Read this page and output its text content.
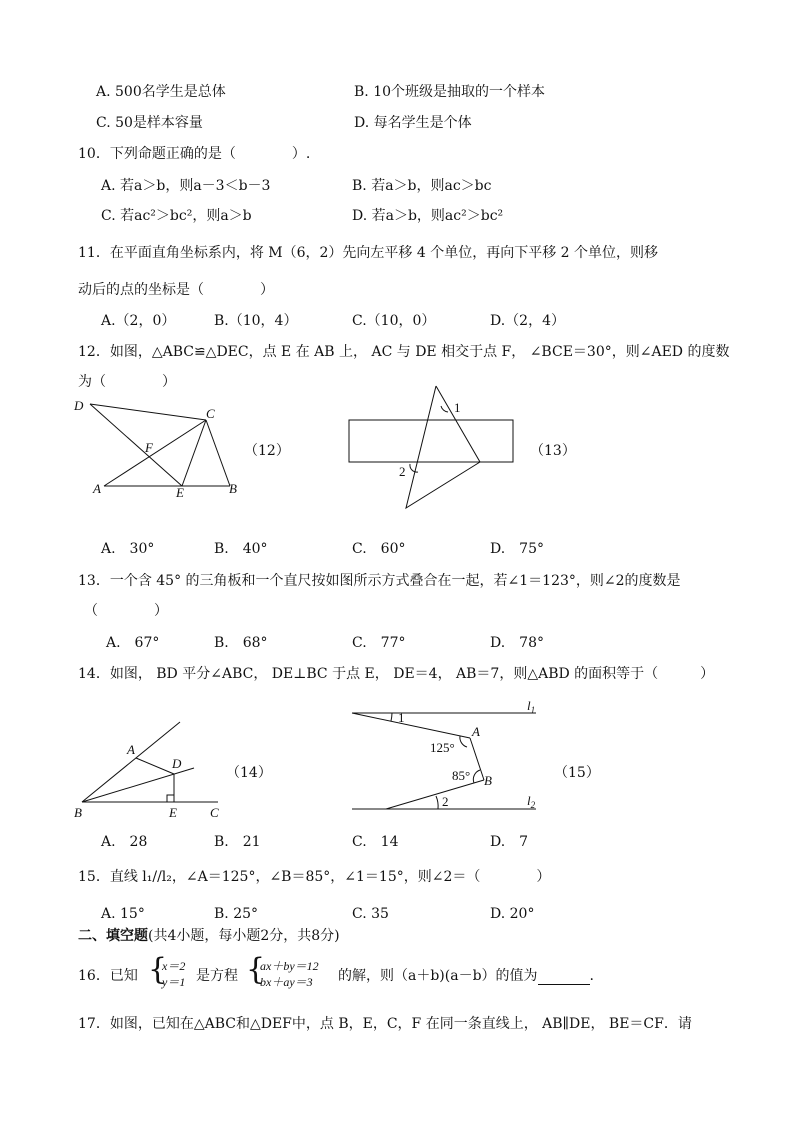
A. 500名学生是总体	B. 10个班级是抽取的一个样本
C. 50是样本容量	D. 每名学生是个体
10．下列命题正确的是（　　　　）.
A. 若a＞b，则a－3＜b－3	B. 若a＞b，则ac＞bc
C. 若ac²＞bc²，则a＞b	D. 若a＞b，则ac²＞bc²
11．在平面直角坐标系内，将 M（6，2）先向左平移 4 个单位，再向下平移 2 个单位，则移
动后的点的坐标是（　　　　）
A.（2，0）	B.（10，4）	C.（10，0）	D.（2，4）
12．如图，△ABC≌△DEC，点 E 在 AB 上， AC 与 DE 相交于点 F， ∠BCE＝30°，则∠AED 的度数
为（　　　　）
D
C
F
A	E	B
（12）
1
2
（13）
A.　30°	B.　40°	C.　60°	D.　75°
13．一个含 45° 的三角板和一个直尺按如图所示方式叠合在一起，若∠1＝123°，则∠2的度数是
（　　　　）
A.　67°	B.　68°	C.　77°	D.　78°
14．如图， BD 平分∠ABC， DE⊥BC 于点 E， DE＝4， AB＝7，则△ABD 的面积等于（　　　）
A
D
B	E	C
（14）
$l_1$
$l_2$
1
A
125°
85° B
2
（15）
A.　28	B.　21	C.　14	D.　7
15．直线 l₁//l₂，∠A＝125°，∠B＝85°，∠1＝15°，则∠2＝（　　　　）
A. 15°	B. 25°	C. 35	D. 20°
二、填空题(共4小题，每小题2分，共8分)
16．已知 {
x＝2
y＝1 是方程 {
ax＋by＝12
bx＋ay＝3	的解，则（a＋b)(a－b）的值为	.
17．如图，已知在△ABC和△DEF中，点 B，E，C，F 在同一条直线上， AB∥DE， BE＝CF．请
